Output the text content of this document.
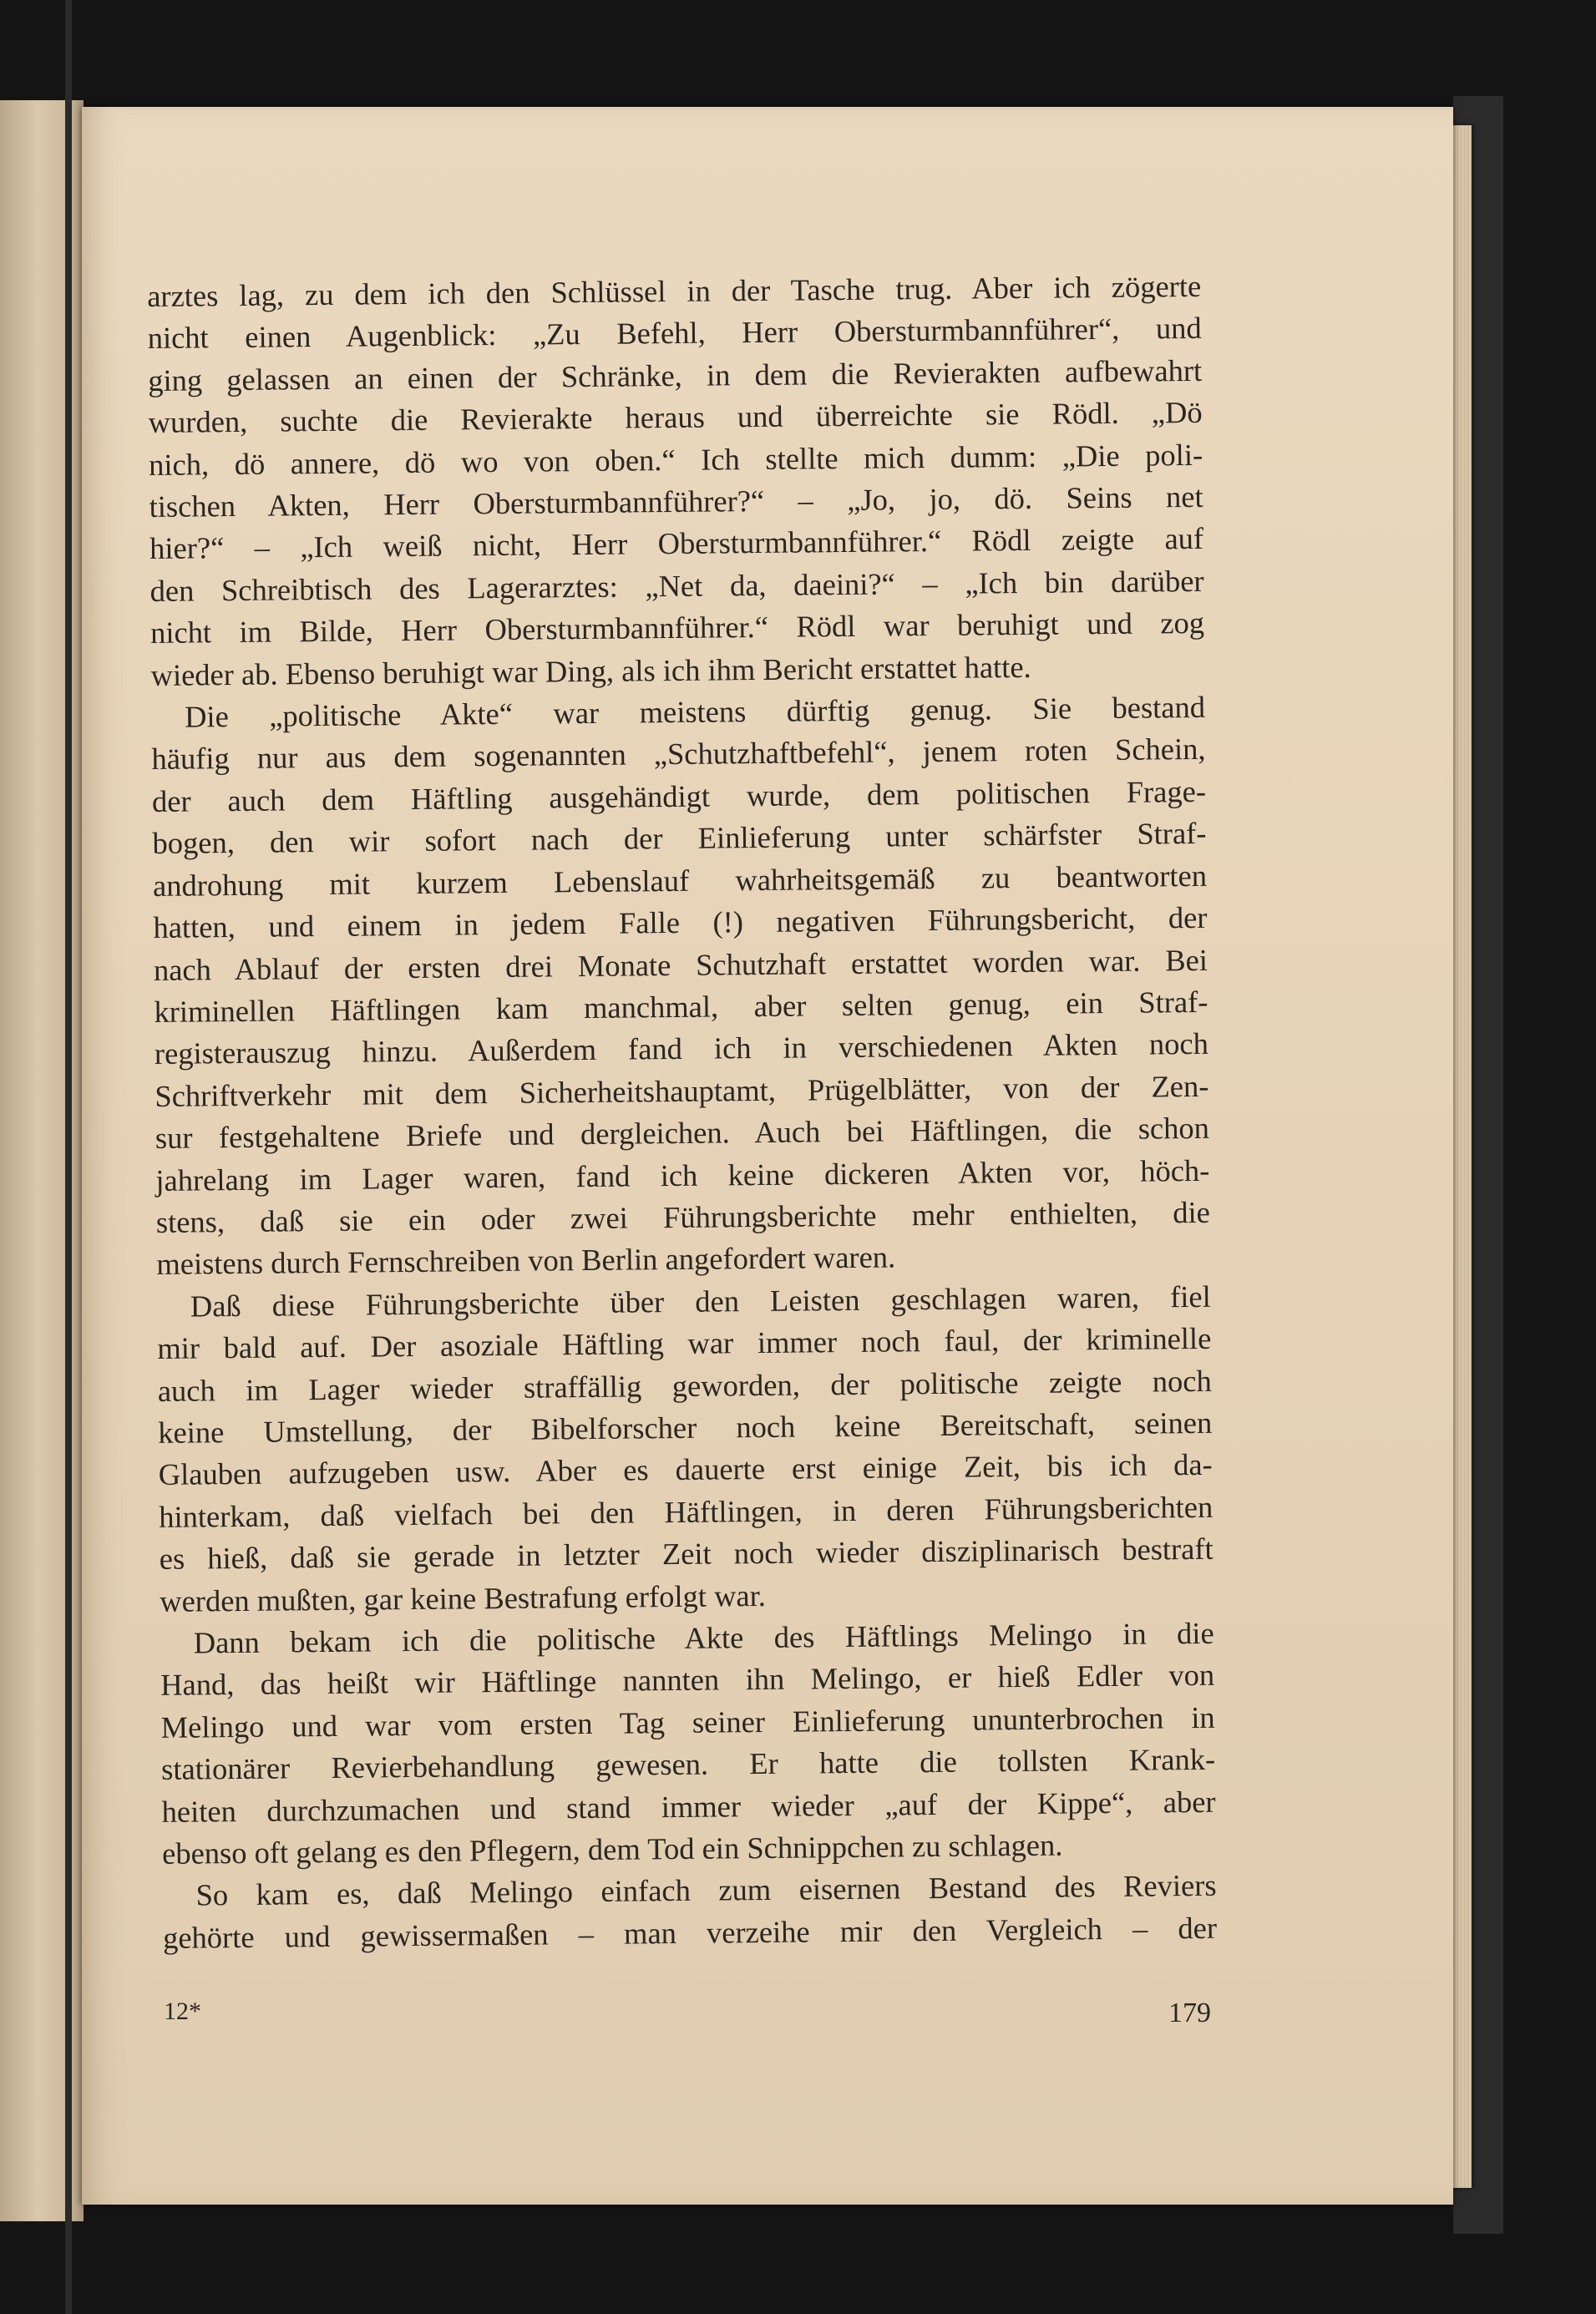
arztes lag, zu dem ich den Schlüssel in der Tasche trug. Aber ich zögerte
nicht einen Augenblick: „Zu Befehl, Herr Obersturmbannführer“, und
ging gelassen an einen der Schränke, in dem die Revierakten aufbewahrt
wurden, suchte die Revierakte heraus und überreichte sie Rödl. „Dö
nich, dö annere, dö wo von oben.“ Ich stellte mich dumm: „Die poli-
tischen Akten, Herr Obersturmbannführer?“ – „Jo, jo, dö. Seins net
hier?“ – „Ich weiß nicht, Herr Obersturmbannführer.“ Rödl zeigte auf
den Schreibtisch des Lagerarztes: „Net da, daeini?“ – „Ich bin darüber
nicht im Bilde, Herr Obersturmbannführer.“ Rödl war beruhigt und zog
wieder ab. Ebenso beruhigt war Ding, als ich ihm Bericht erstattet hatte.
Die „politische Akte“ war meistens dürftig genug. Sie bestand
häufig nur aus dem sogenannten „Schutzhaftbefehl“, jenem roten Schein,
der auch dem Häftling ausgehändigt wurde, dem politischen Frage-
bogen, den wir sofort nach der Einlieferung unter schärfster Straf-
androhung mit kurzem Lebenslauf wahrheitsgemäß zu beantworten
hatten, und einem in jedem Falle (!) negativen Führungsbericht, der
nach Ablauf der ersten drei Monate Schutzhaft erstattet worden war. Bei
kriminellen Häftlingen kam manchmal, aber selten genug, ein Straf-
registerauszug hinzu. Außerdem fand ich in verschiedenen Akten noch
Schriftverkehr mit dem Sicherheitshauptamt, Prügelblätter, von der Zen-
sur festgehaltene Briefe und dergleichen. Auch bei Häftlingen, die schon
jahrelang im Lager waren, fand ich keine dickeren Akten vor, höch-
stens, daß sie ein oder zwei Führungsberichte mehr enthielten, die
meistens durch Fernschreiben von Berlin angefordert waren.
Daß diese Führungsberichte über den Leisten geschlagen waren, fiel
mir bald auf. Der asoziale Häftling war immer noch faul, der kriminelle
auch im Lager wieder straffällig geworden, der politische zeigte noch
keine Umstellung, der Bibelforscher noch keine Bereitschaft, seinen
Glauben aufzugeben usw. Aber es dauerte erst einige Zeit, bis ich da-
hinterkam, daß vielfach bei den Häftlingen, in deren Führungsberichten
es hieß, daß sie gerade in letzter Zeit noch wieder disziplinarisch bestraft
werden mußten, gar keine Bestrafung erfolgt war.
Dann bekam ich die politische Akte des Häftlings Melingo in die
Hand, das heißt wir Häftlinge nannten ihn Melingo, er hieß Edler von
Melingo und war vom ersten Tag seiner Einlieferung ununterbrochen in
stationärer Revierbehandlung gewesen. Er hatte die tollsten Krank-
heiten durchzumachen und stand immer wieder „auf der Kippe“, aber
ebenso oft gelang es den Pflegern, dem Tod ein Schnippchen zu schlagen.
So kam es, daß Melingo einfach zum eisernen Bestand des Reviers
gehörte und gewissermaßen – man verzeihe mir den Vergleich – der
12*	179
